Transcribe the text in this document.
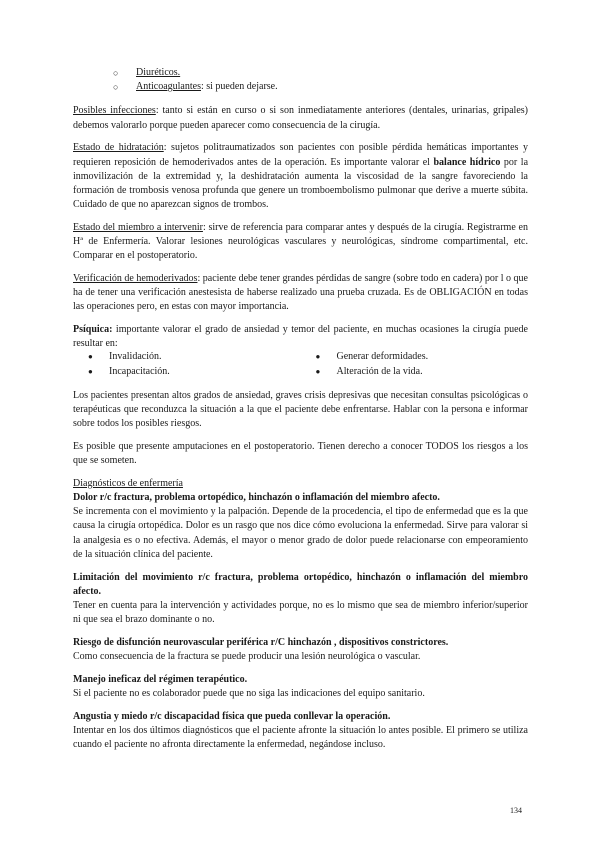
○ Diuréticos.
○ Anticoagulantes: si pueden dejarse.

Posibles infecciones: tanto si están en curso o si son inmediatamente anteriores (dentales, urinarias, gripales) debemos valorarlo porque pueden aparecer como consecuencia de la cirugía.

Estado de hidratación: sujetos politraumatizados son pacientes con posible pérdida hemáticas importantes y requieren reposición de hemoderivados antes de la operación. Es importante valorar el balance hídrico por la inmovilización de la extremidad y, la deshidratación aumenta la viscosidad de la sangre favoreciendo la formación de trombosis venosa profunda que genere un tromboembolismo pulmonar que derive a muerte súbita. Cuidado de que no aparezcan signos de trombos.

Estado del miembro a intervenir: sirve de referencia para comparar antes y después de la cirugía. Registrarme en Hª de Enfermería. Valorar lesiones neurológicas vasculares y neurológicas, síndrome compartimental, etc. Comparar en el postoperatorio.

Verificación de hemoderivados: paciente debe tener grandes pérdidas de sangre (sobre todo en cadera) por l o que ha de tener una verificación anestesista de haberse realizado una prueba cruzada. Es de OBLIGACIÓN en todas las operaciones pero, en estas con mayor importancia.

Psíquica: importante valorar el grado de ansiedad y temor del paciente, en muchas ocasiones la cirugía puede resultar en:

● Invalidación.
● Incapacitación.
● Generar deformidades.
● Alteración de la vida.

Los pacientes presentan altos grados de ansiedad, graves crisis depresivas que necesitan consultas psicológicas o terapéuticas que reconduzca la situación a la que el paciente debe enfrentarse. Hablar con la persona e informar sobre todos los posibles riesgos.

Es posible que presente amputaciones en el postoperatorio. Tienen derecho a conocer TODOS los riesgos a los que se someten.

Diagnósticos de enfermería

Dolor r/c fractura, problema ortopédico, hinchazón o inflamación del miembro afecto.

Se incrementa con el movimiento y la palpación. Depende de la procedencia, el tipo de enfermedad que es la que causa la cirugía ortopédica. Dolor es un rasgo que nos dice cómo evoluciona la enfermedad. Sirve para valorar si la analgesia es o no efectiva. Además, el mayor o menor grado de dolor puede relacionarse con empeoramiento de la situación clínica del paciente.

Limitación del movimiento r/c fractura, problema ortopédico, hinchazón o inflamación del miembro afecto.

Tener en cuenta para la intervención y actividades porque, no es lo mismo que sea de miembro inferior/superior ni que sea el brazo dominante o no.

Riesgo de disfunción neurovascular periférica r/C hinchazón , dispositivos constrictores.

Como consecuencia de la fractura se puede producir una lesión neurológica o vascular.

Manejo ineficaz del régimen terapéutico.

Si el paciente no es colaborador puede que no siga las indicaciones del equipo sanitario.

Angustia y miedo r/c discapacidad física que pueda conllevar la operación.

Intentar en los dos últimos diagnósticos que el paciente afronte la situación lo antes posible. El primero se utiliza cuando el paciente no afronta directamente la enfermedad, negándose incluso.

134
